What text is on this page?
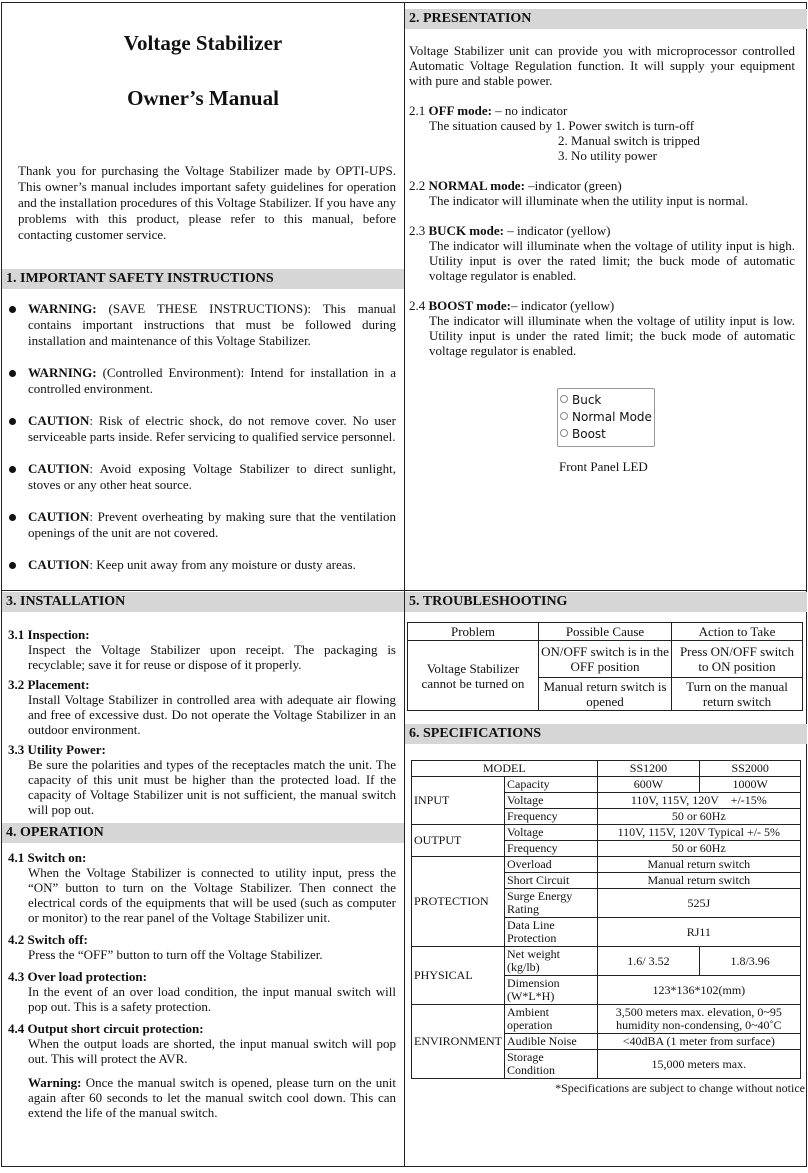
Voltage Stabilizer
Owner’s Manual

Thank you for purchasing the Voltage Stabilizer made by OPTI-UPS. This owner’s manual includes important safety guidelines for operation and the installation procedures of this Voltage Stabilizer. If you have any problems with this product, please refer to this manual, before contacting customer service.

1. IMPORTANT SAFETY INSTRUCTIONS
WARNING: (SAVE THESE INSTRUCTIONS): This manual contains important instructions that must be followed during installation and maintenance of this Voltage Stabilizer.
WARNING: (Controlled Environment): Intend for installation in a controlled environment.
CAUTION: Risk of electric shock, do not remove cover. No user serviceable parts inside. Refer servicing to qualified service personnel.
CAUTION: Avoid exposing Voltage Stabilizer to direct sunlight, stoves or any other heat source.
CAUTION: Prevent overheating by making sure that the ventilation openings of the unit are not covered.
CAUTION: Keep unit away from any moisture or dusty areas.
2. PRESENTATION

Voltage Stabilizer unit can provide you with microprocessor controlled Automatic Voltage Regulation function. It will supply your equipment with pure and stable power.

2.1 OFF mode: – no indicator

The situation caused by 1. Power switch is turn-off

2. Manual switch is tripped

3. No utility power

2.2 NORMAL mode: –indicator (green)

The indicator will illuminate when the utility input is normal.

2.3 BUCK mode: – indicator (yellow)

The indicator will illuminate when the voltage of utility input is high. Utility input is over the rated limit; the buck mode of automatic voltage regulator is enabled.

2.4 BOOST mode:– indicator (yellow)

The indicator will illuminate when the voltage of utility input is low. Utility input is under the rated limit; the buck mode of automatic voltage regulator is enabled.

Buck
Normal Mode
Boost

Front Panel LED

3. INSTALLATION

3.1 Inspection:

Inspect the Voltage Stabilizer upon receipt. The packaging is recyclable; save it for reuse or dispose of it properly.

3.2 Placement:

Install Voltage Stabilizer in controlled area with adequate air flowing and free of excessive dust. Do not operate the Voltage Stabilizer in an outdoor environment.

3.3 Utility Power:

Be sure the polarities and types of the receptacles match the unit. The capacity of this unit must be higher than the protected load. If the capacity of Voltage Stabilizer unit is not sufficient, the manual switch will pop out.

4. OPERATION

4.1 Switch on:

When the Voltage Stabilizer is connected to utility input, press the “ON” button to turn on the Voltage Stabilizer. Then connect the electrical cords of the equipments that will be used (such as computer or monitor) to the rear panel of the Voltage Stabilizer unit.

4.2 Switch off:

Press the “OFF” button to turn off the Voltage Stabilizer.

4.3 Over load protection:

In the event of an over load condition, the input manual switch will pop out. This is a safety protection.

4.4 Output short circuit protection:

When the output loads are shorted, the input manual switch will pop out. This will protect the AVR.

Warning: Once the manual switch is opened, please turn on the unit again after 60 seconds to let the manual switch cool down. This can extend the life of the manual switch.

5. TROUBLESHOOTING
Problem	Possible Cause	Action to Take
Voltage Stabilizer cannot be turned on	ON/OFF switch is in the OFF position	Press ON/OFF switch to ON position
	Manual return switch is opened	Turn on the manual return switch
6. SPECIFICATIONS
MODEL		SS1200	SS2000
INPUT	Capacity	600W	1000W
	Voltage	110V, 115V, 120V    +/-15%	
	Frequency	50 or 60Hz	
OUTPUT	Voltage	110V, 115V, 120V Typical +/- 5%	
	Frequency	50 or 60Hz	
PROTECTION	Overload	Manual return switch	
	Short Circuit	Manual return switch	
	Surge Energy Rating	525J	
	Data Line Protection	RJ11	
PHYSICAL	Net weight (kg/lb)	1.6/ 3.52	1.8/3.96
	Dimension (W*L*H)	123*136*102(mm)	
ENVIRONMENT	Ambient operation	3,500 meters max. elevation, 0~95 humidity non-condensing, 0~40˚C	
	Audible Noise	<40dBA (1 meter from surface)	
	Storage Condition	15,000 meters max.	

*Specifications are subject to change without notice
